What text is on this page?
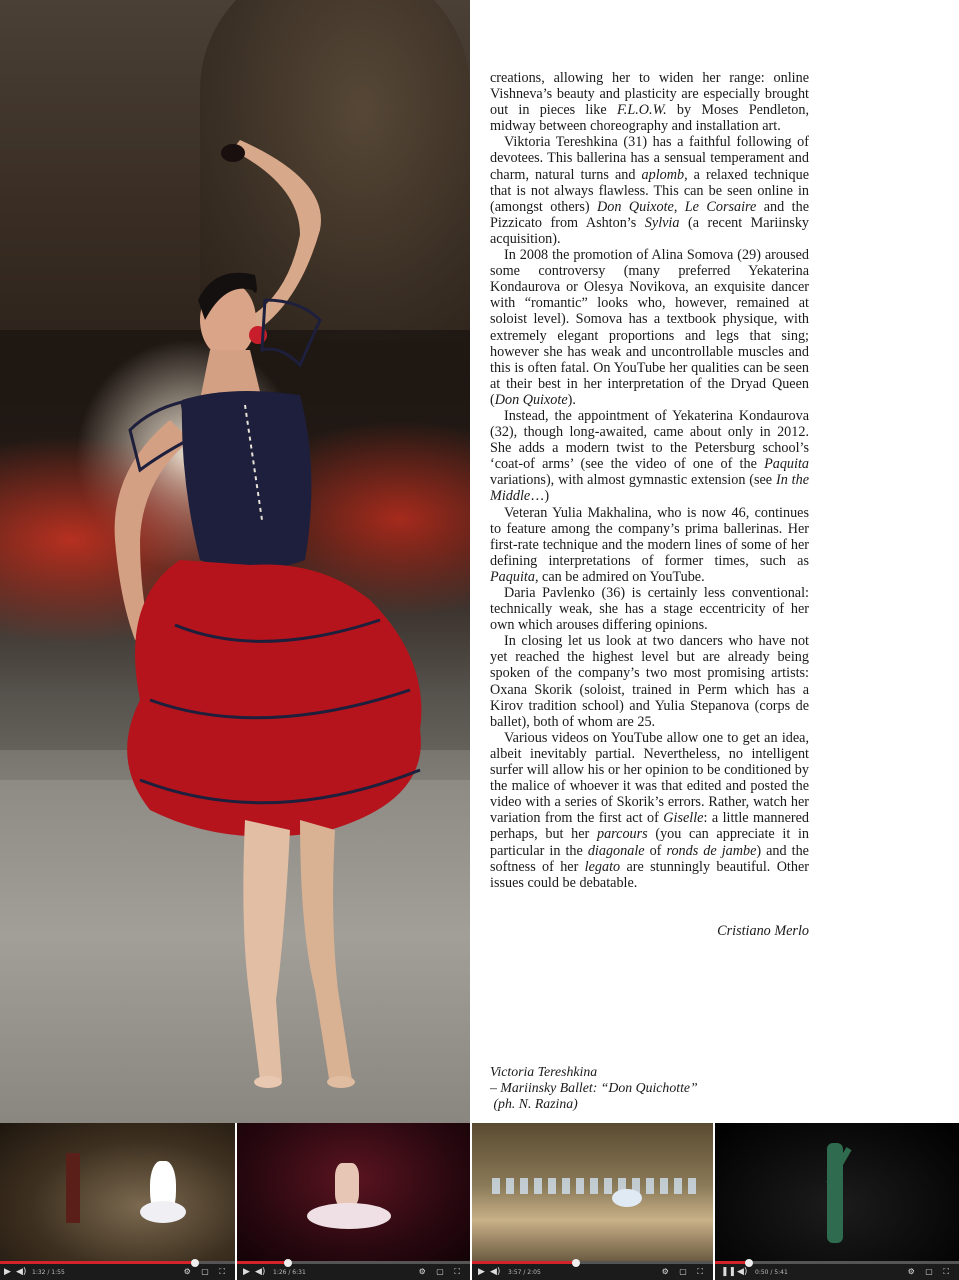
creations, allowing her to widen her range: online Vishneva’s beauty and plasticity are especially brought out in pieces like F.L.O.W. by Moses Pendleton, midway between choreography and installation art.

Viktoria Tereshkina (31) has a faithful following of devotees. This ballerina has a sensual temperament and charm, natural turns and aplomb, a relaxed technique that is not always flawless. This can be seen online in (amongst others) Don Quixote, Le Corsaire and the Pizzicato from Ashton’s Sylvia (a recent Mariinsky acquisition).

In 2008 the promotion of Alina Somova (29) aroused some controversy (many preferred Yekaterina Kondaurova or Olesya Novikova, an exquisite dancer with “romantic” looks who, however, remained at soloist level). Somova has a textbook physique, with extremely elegant proportions and legs that sing; however she has weak and uncontrollable muscles and this is often fatal. On YouTube her qualities can be seen at their best in her interpretation of the Dryad Queen (Don Quixote).

Instead, the appointment of Yekaterina Kondaurova (32), though long-awaited, came about only in 2012. She adds a modern twist to the Petersburg school’s ‘coat-of arms’ (see the video of one of the Paquita variations), with almost gymnastic extension (see In the Middle…)

Veteran Yulia Makhalina, who is now 46, continues to feature among the company’s prima ballerinas. Her first-rate technique and the modern lines of some of her defining interpretations of former times, such as Paquita, can be admired on YouTube.

Daria Pavlenko (36) is certainly less conventional: technically weak, she has a stage eccentricity of her own which arouses differing opinions.

In closing let us look at two dancers who have not yet reached the highest level but are already being spoken of the company’s two most promising artists: Oxana Skorik (soloist, trained in Perm which has a Kirov tradition school) and Yulia Stepanova (corps de ballet), both of whom are 25.

Various videos on YouTube allow one to get an idea, albeit inevitably partial. Nevertheless, no intelligent surfer will allow his or her opinion to be conditioned by the malice of whoever it was that edited and posted the video with a series of Skorik’s errors. Rather, watch her variation from the first act of Giselle: a little mannered perhaps, but her parcours (you can appreciate it in particular in the diagonale of ronds de jambe) and the softness of her legato are stunningly beautiful. Other issues could be debatable.

Cristiano Merlo
Victoria Tereshkina
– Mariinsky Ballet: “Don Quichotte”
(ph. N. Razina)
▶ ◀) 1:32 / 1:55	⚙ ▢ ⛶ ▶ ◀) 1:26 / 6:31	⚙ ▢ ⛶ ▶ ◀) 3:57 / 2:05	⚙ ▢ ⛶ ❚❚ ◀) 0:50 / 5:41	⚙ ▢ ⛶
